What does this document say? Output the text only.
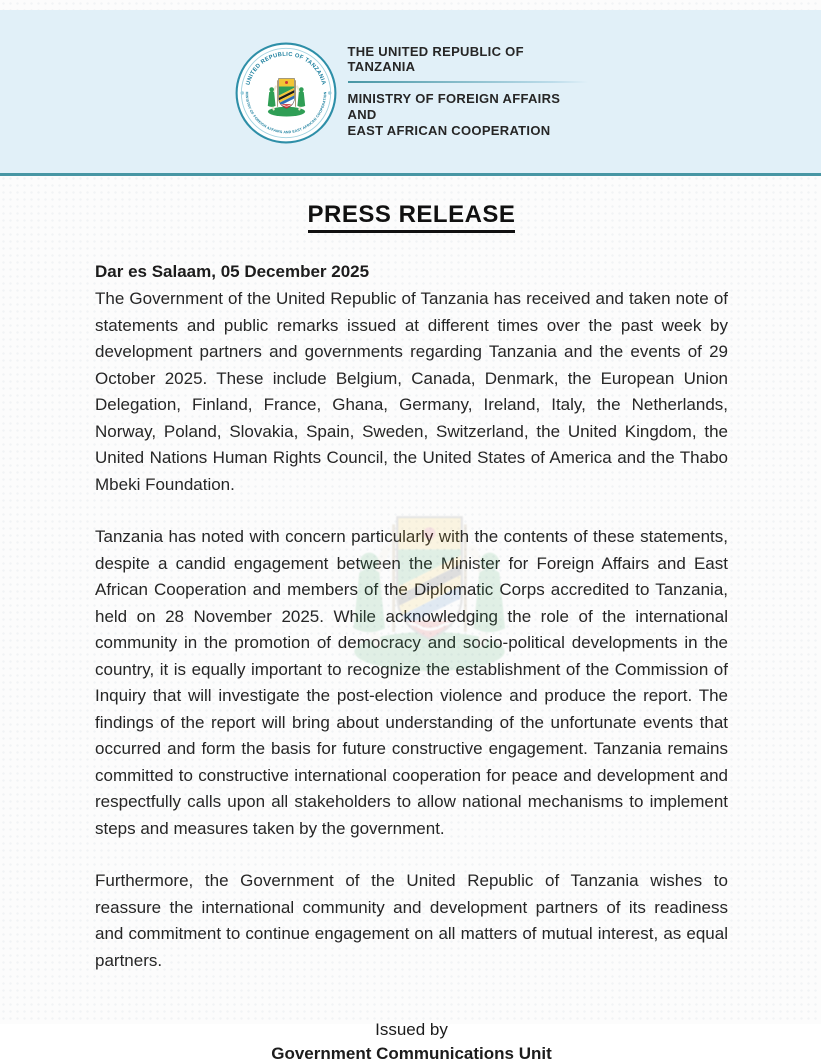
UNITED REPUBLIC OF TANZANIA
MINISTRY OF FOREIGN AFFAIRS AND EAST AFRICAN COOPERATION
THE UNITED REPUBLIC OF TANZANIA
MINISTRY OF FOREIGN AFFAIRS AND
EAST AFRICAN COOPERATION
PRESS RELEASE

Dar es Salaam, 05 December 2025

The Government of the United Republic of Tanzania has received and taken note of statements and public remarks issued at different times over the past week by development partners and governments regarding Tanzania and the events of 29 October 2025. These include Belgium, Canada, Denmark, the European Union Delegation, Finland, France, Ghana, Germany, Ireland, Italy, the Netherlands, Norway, Poland, Slovakia, Spain, Sweden, Switzerland, the United Kingdom, the United Nations Human Rights Council, the United States of America and the Thabo Mbeki Foundation.

Tanzania has noted with concern particularly with the contents of these statements, despite a candid engagement between the Minister for Foreign Affairs and East African Cooperation and members of the Diplomatic Corps accredited to Tanzania, held on 28 November 2025. While acknowledging the role of the international community in the promotion of democracy and socio-political developments in the country, it is equally important to recognize the establishment of the Commission of Inquiry that will investigate the post-election violence and produce the report. The findings of the report will bring about understanding of the unfortunate events that occurred and form the basis for future constructive engagement. Tanzania remains committed to constructive international cooperation for peace and development and respectfully calls upon all stakeholders to allow national mechanisms to implement steps and measures taken by the government.

Furthermore, the Government of the United Republic of Tanzania wishes to reassure the international community and development partners of its readiness and commitment to continue engagement on all matters of mutual interest, as equal partners.

Issued by
Government Communications Unit
